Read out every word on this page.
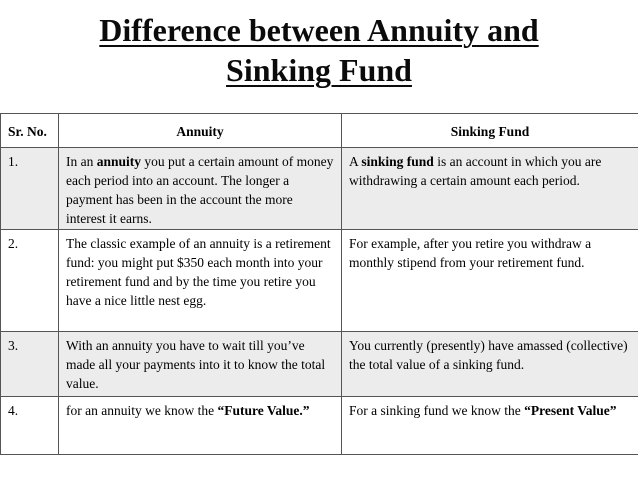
Difference between Annuity and
Sinking Fund
Sr. No.	Annuity	Sinking Fund
1.	In an annuity you put a certain amount of money each period into an account. The longer a payment has been in the account the more interest it earns.	A sinking fund is an account in which you are withdrawing a certain amount each period.
2.	The classic example of an annuity is a retirement fund: you might put $350 each month into your retirement fund and by the time you retire you have a nice little nest egg.	For example, after you retire you withdraw a monthly stipend from your retirement fund.
3.	With an annuity you have to wait till you’ve made all your payments into it to know the total value.	You currently (presently) have amassed (collective) the total value of a sinking fund.
4.	for an annuity we know the “Future Value.”	For a sinking fund we know the “Present Value”
